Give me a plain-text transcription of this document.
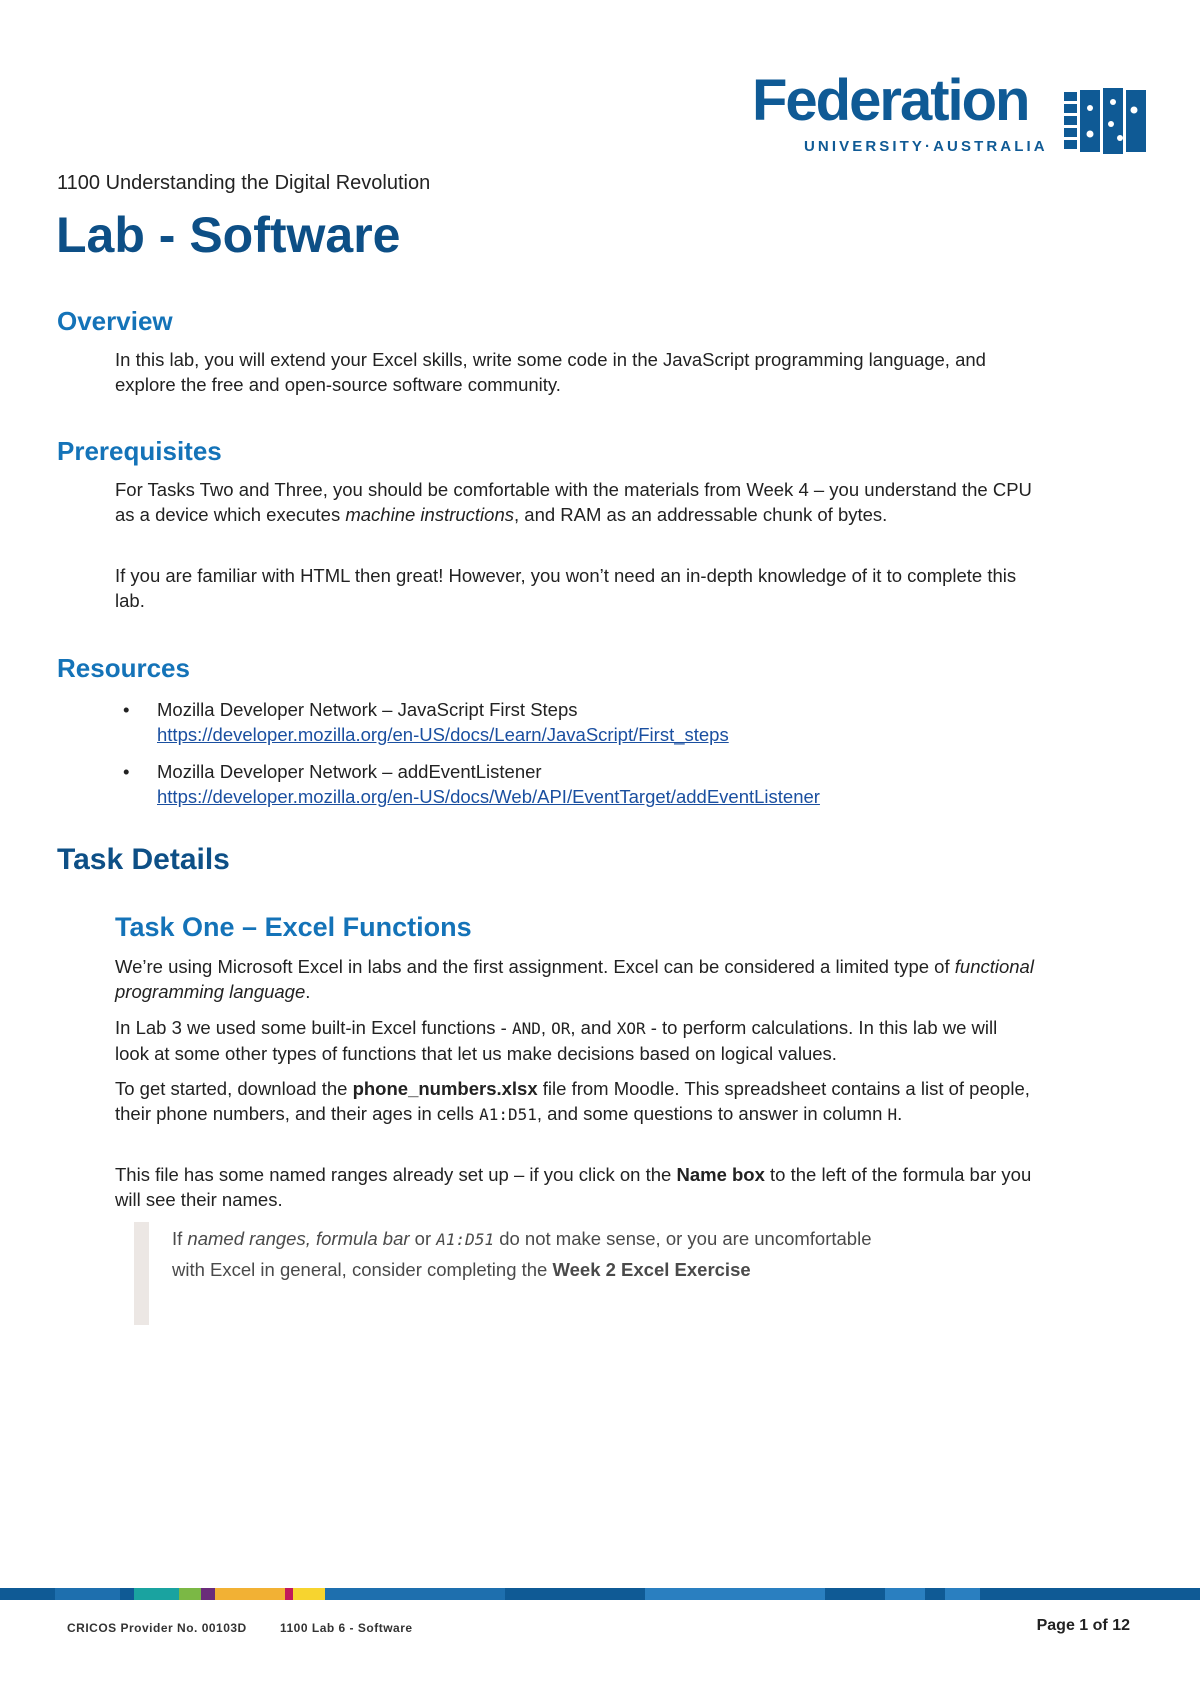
Federation
UNIVERSITY·AUSTRALIA
1100 Understanding the Digital Revolution
Lab - Software
Overview

In this lab, you will extend your Excel skills, write some code in the JavaScript programming language, and explore the free and open-source software community.

Prerequisites

For Tasks Two and Three, you should be comfortable with the materials from Week 4 – you understand the CPU as a device which executes machine instructions, and RAM as an addressable chunk of bytes.

If you are familiar with HTML then great! However, you won’t need an in-depth knowledge of it to complete this lab.

Resources
• Mozilla Developer Network – JavaScript First Steps
https://developer.mozilla.org/en-US/docs/Learn/JavaScript/First_steps
• Mozilla Developer Network – addEventListener
https://developer.mozilla.org/en-US/docs/Web/API/EventTarget/addEventListener
Task Details
Task One – Excel Functions

We’re using Microsoft Excel in labs and the first assignment. Excel can be considered a limited type of functional programming language.

In Lab 3 we used some built-in Excel functions - AND, OR, and XOR - to perform calculations. In this lab we will look at some other types of functions that let us make decisions based on logical values.

To get started, download the phone_numbers.xlsx file from Moodle. This spreadsheet contains a list of people, their phone numbers, and their ages in cells A1:D51, and some questions to answer in column H.

This file has some named ranges already set up – if you click on the Name box to the left of the formula bar you will see their names.

If named ranges, formula bar or A1:D51 do not make sense, or you are uncomfortable with Excel in general, consider completing the Week 2 Excel Exercise

CRICOS Provider No. 00103D	1100 Lab 6 - Software	Page 1 of 12
